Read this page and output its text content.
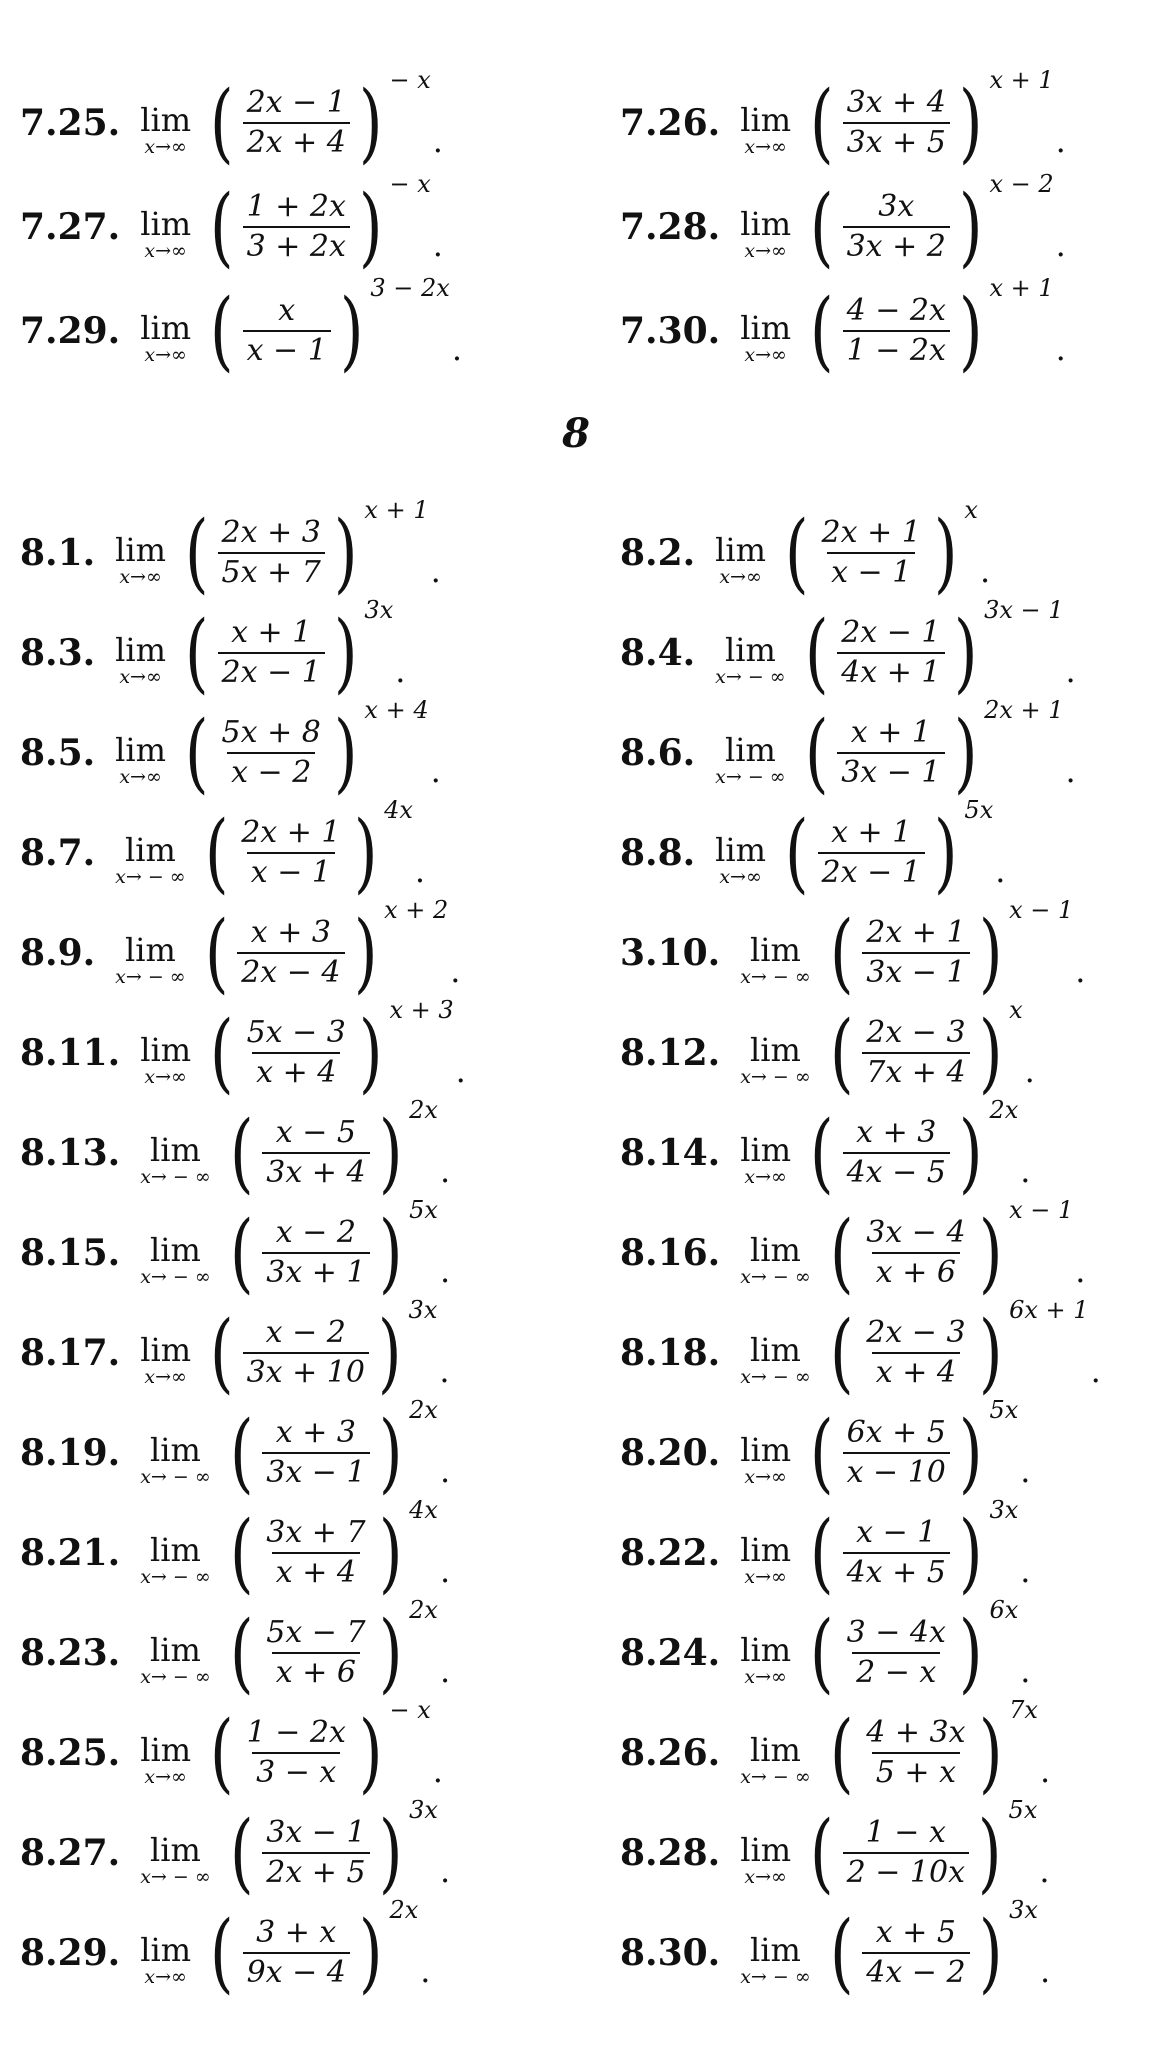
7.25. lim
x→∞ ( $\frac{2x - 1}{2x + 4}$ ) − x
.	7.26. lim
x→∞ ( $\frac{3x + 4}{3x + 5}$ ) x + 1
.
7.27. lim
x→∞ ( $\frac{1 + 2x}{3 + 2x}$ ) − x
.	7.28. lim
x→∞ ( $\frac{3x}{3x + 2}$ ) x − 2
.
7.29. lim
x→∞ ( $\frac{x}{x - 1}$ ) 3 − 2x
.	7.30. lim
x→∞ ( $\frac{4 - 2x}{1 - 2x}$ ) x + 1
.
8
8.1. lim
x→∞ ( $\frac{2x + 3}{5x + 7}$ ) x + 1
.	8.2. lim
x→∞ ( $\frac{2x + 1}{x - 1}$ ) x
.
8.3. lim
x→∞ ( $\frac{x + 1}{2x - 1}$ ) 3x
.	8.4. lim
x→ − ∞ ( $\frac{2x - 1}{4x + 1}$ ) 3x − 1
.
8.5. lim
x→∞ ( $\frac{5x + 8}{x - 2}$ ) x + 4
.	8.6. lim
x→ − ∞ ( $\frac{x + 1}{3x - 1}$ ) 2x + 1
.
8.7. lim
x→ − ∞ ( $\frac{2x + 1}{x - 1}$ ) 4x
.	8.8. lim
x→∞ ( $\frac{x + 1}{2x - 1}$ ) 5x
.
8.9. lim
x→ − ∞ ( $\frac{x + 3}{2x - 4}$ ) x + 2
.	3.10. lim
x→ − ∞ ( $\frac{2x + 1}{3x - 1}$ ) x − 1
.
8.11. lim
x→∞ ( $\frac{5x - 3}{x + 4}$ ) x + 3
.	8.12. lim
x→ − ∞ ( $\frac{2x - 3}{7x + 4}$ ) x
.
8.13. lim
x→ − ∞ ( $\frac{x - 5}{3x + 4}$ ) 2x
.	8.14. lim
x→∞ ( $\frac{x + 3}{4x - 5}$ ) 2x
.
8.15. lim
x→ − ∞ ( $\frac{x - 2}{3x + 1}$ ) 5x
.	8.16. lim
x→ − ∞ ( $\frac{3x - 4}{x + 6}$ ) x − 1
.
8.17. lim
x→∞ ( $\frac{x - 2}{3x + 10}$ ) 3x
.	8.18. lim
x→ − ∞ ( $\frac{2x - 3}{x + 4}$ ) 6x + 1
.
8.19. lim
x→ − ∞ ( $\frac{x + 3}{3x - 1}$ ) 2x
.	8.20. lim
x→∞ ( $\frac{6x + 5}{x - 10}$ ) 5x
.
8.21. lim
x→ − ∞ ( $\frac{3x + 7}{x + 4}$ ) 4x
.	8.22. lim
x→∞ ( $\frac{x - 1}{4x + 5}$ ) 3x
.
8.23. lim
x→ − ∞ ( $\frac{5x - 7}{x + 6}$ ) 2x
.	8.24. lim
x→∞ ( $\frac{3 - 4x}{2 - x}$ ) 6x
.
8.25. lim
x→∞ ( $\frac{1 - 2x}{3 - x}$ ) − x
.	8.26. lim
x→ − ∞ ( $\frac{4 + 3x}{5 + x}$ ) 7x
.
8.27. lim
x→ − ∞ ( $\frac{3x - 1}{2x + 5}$ ) 3x
.	8.28. lim
x→∞ ( $\frac{1 - x}{2 - 10x}$ ) 5x
.
8.29. lim
x→∞ ( $\frac{3 + x}{9x - 4}$ ) 2x
.	8.30. lim
x→ − ∞ ( $\frac{x + 5}{4x - 2}$ ) 3x
.
